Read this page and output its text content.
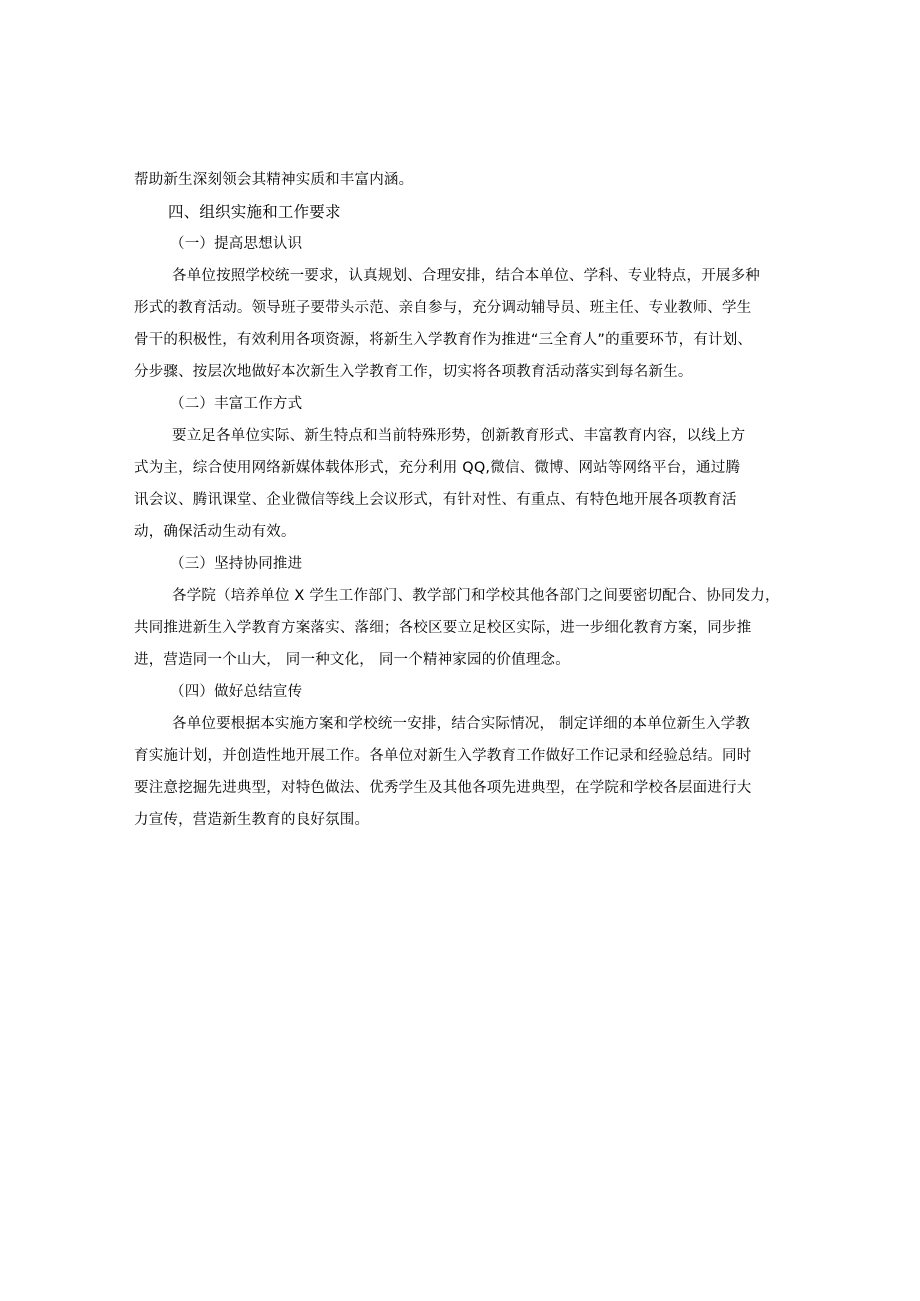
帮助新生深刻领会其精神实质和丰富内涵。
四、组织实施和工作要求
（一）提高思想认识
各单位按照学校统一要求，认真规划、合理安排，结合本单位、学科、专业特点，开展多种
形式的教育活动。领导班子要带头示范、亲自参与，充分调动辅导员、班主任、专业教师、学生
骨干的积极性，有效利用各项资源，将新生入学教育作为推进“三全育人”的重要环节，有计划、
分步骤、按层次地做好本次新生入学教育工作，切实将各项教育活动落实到每名新生。
（二）丰富工作方式
要立足各单位实际、新生特点和当前特殊形势，创新教育形式、丰富教育内容，以线上方
式为主，综合使用网络新媒体载体形式，充分利用 QQ,微信、微博、网站等网络平台，通过腾
讯会议、腾讯课堂、企业微信等线上会议形式，有针对性、有重点、有特色地开展各项教育活
动，确保活动生动有效。
（三）坚持协同推进
各学院（培养单位 X 学生工作部门、教学部门和学校其他各部门之间要密切配合、协同发力，
共同推进新生入学教育方案落实、落细；各校区要立足校区实际，进一步细化教育方案，同步推
进，营造同一个山大， 同一种文化， 同一个精神家园的价值理念。
（四）做好总结宣传
各单位要根据本实施方案和学校统一安排，结合实际情况， 制定详细的本单位新生入学教
育实施计划，并创造性地开展工作。各单位对新生入学教育工作做好工作记录和经验总结。同时
要注意挖掘先进典型，对特色做法、优秀学生及其他各项先进典型，在学院和学校各层面进行大
力宣传，营造新生教育的良好氛围。
